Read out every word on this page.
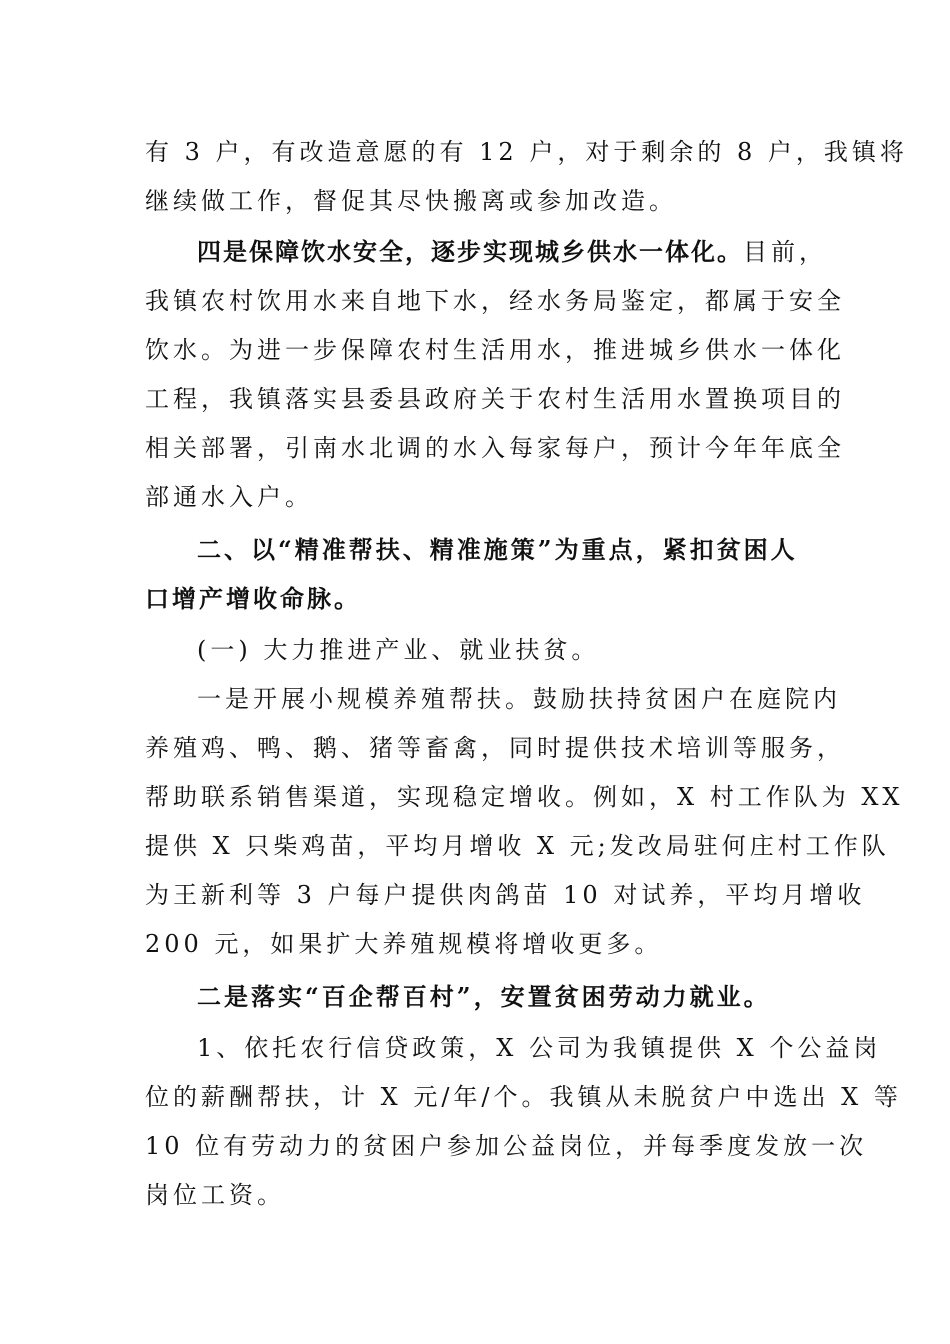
有 3 户，有改造意愿的有 12 户，对于剩余的 8 户，我镇将
继续做工作，督促其尽快搬离或参加改造。
四是保障饮水安全，逐步实现城乡供水一体化。目前，
我镇农村饮用水来自地下水，经水务局鉴定，都属于安全
饮水。为进一步保障农村生活用水，推进城乡供水一体化
工程，我镇落实县委县政府关于农村生活用水置换项目的
相关部署，引南水北调的水入每家每户，预计今年年底全
部通水入户。
二、以“精准帮扶、精准施策”为重点，紧扣贫困人
口增产增收命脉。
(一) 大力推进产业、就业扶贫。
一是开展小规模养殖帮扶。鼓励扶持贫困户在庭院内
养殖鸡、鸭、鹅、猪等畜禽，同时提供技术培训等服务，
帮助联系销售渠道，实现稳定增收。例如，X 村工作队为 XX
提供 X 只柴鸡苗，平均月增收 X 元;发改局驻何庄村工作队
为王新利等 3 户每户提供肉鸽苗 10 对试养，平均月增收
200 元，如果扩大养殖规模将增收更多。
二是落实“百企帮百村”，安置贫困劳动力就业。
1、依托农行信贷政策，X 公司为我镇提供 X 个公益岗
位的薪酬帮扶，计 X 元/年/个。我镇从未脱贫户中选出 X 等
10 位有劳动力的贫困户参加公益岗位，并每季度发放一次
岗位工资。
